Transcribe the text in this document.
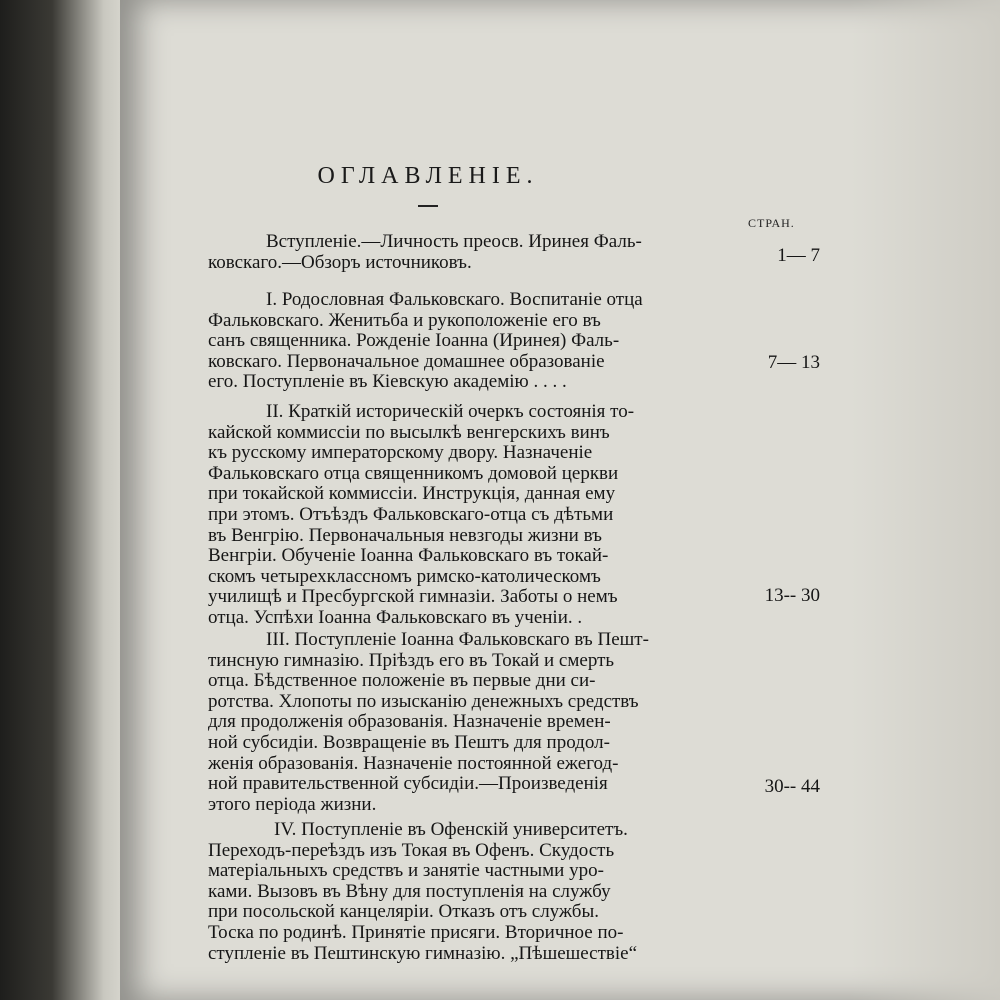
ОГЛАВЛЕНІЕ.
СТРАН.
Вступленіе.—Личность преосв. Иринея Фаль-
ковскаго.—Обзоръ источниковъ.	1— 7
I. Родословная Фальковскаго. Воспитаніе отца
Фальковскаго. Женитьба и рукоположеніе его въ
санъ священника. Рожденіе Іоанна (Иринея) Фаль-
ковскаго. Первоначальное домашнее образованіе
его. Поступленіе въ Кіевскую академію . . . .
7— 13
II. Краткій историческій очеркъ состоянія то-
кайской коммиссіи по высылкѣ венгерскихъ винъ
къ русскому императорскому двору. Назначеніе
Фальковскаго отца священникомъ домовой церкви
при токайской коммиссіи. Инструкція, данная ему
при этомъ. Отъѣздъ Фальковскаго-отца съ дѣтьми
въ Венгрію. Первоначальныя невзгоды жизни въ
Венгріи. Обученіе Іоанна Фальковскаго въ токай-
скомъ четырехклассномъ римско-католическомъ
училищѣ и Пресбургской гимназіи. Заботы о немъ
отца. Успѣхи Іоанна Фальковскаго въ ученіи. .
13-- 30
III. Поступленіе Іоанна Фальковскаго въ Пешт-
тинсную гимназію. Пріѣздъ его въ Токай и смерть
отца. Бѣдственное положеніе въ первые дни си-
ротства. Хлопоты по изысканію денежныхъ средствъ
для продолженія образованія. Назначеніе времен-
ной субсидіи. Возвращеніе въ Пештъ для продол-
женія образованія. Назначеніе постоянной ежегод-
ной правительственной субсидіи.—Произведенія
этого періода жизни.
30-- 44
IV. Поступленіе въ Офенскій университетъ.
Переходъ-переѣздъ изъ Токая въ Офенъ. Скудость
матеріальныхъ средствъ и занятіе частными уро-
ками. Вызовъ въ Вѣну для поступленія на службу
при посольской канцеляріи. Отказъ отъ службы.
Тоска по родинѣ. Принятіе присяги. Вторичное по-
ступленіе въ Пештинскую гимназію. „Пѣшешествіе“
